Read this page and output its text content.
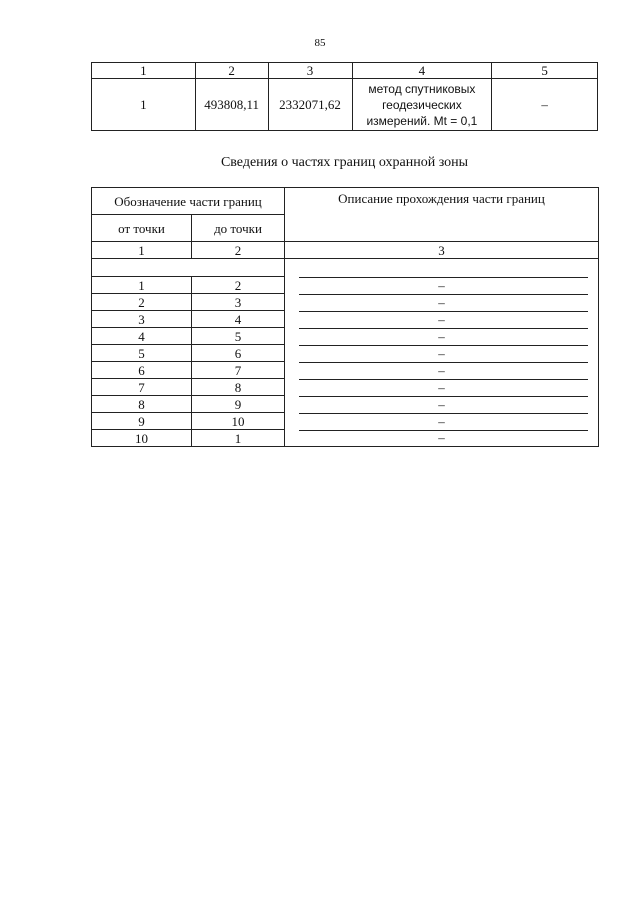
85
1	2	3	4	5
1	493808,11	2332071,62	метод спутниковых геодезических измерений. Mt = 0,1	–
Сведения о частях границ охранной зоны
Обозначение части границ		Описание прохождения части границ
от точки	до точки	
1	2	3

1	2	–

2	3	–

3	4	–

4	5	–

5	6	–

6	7	–

7	8	–

8	9	–

9	10	–

10	1	–
